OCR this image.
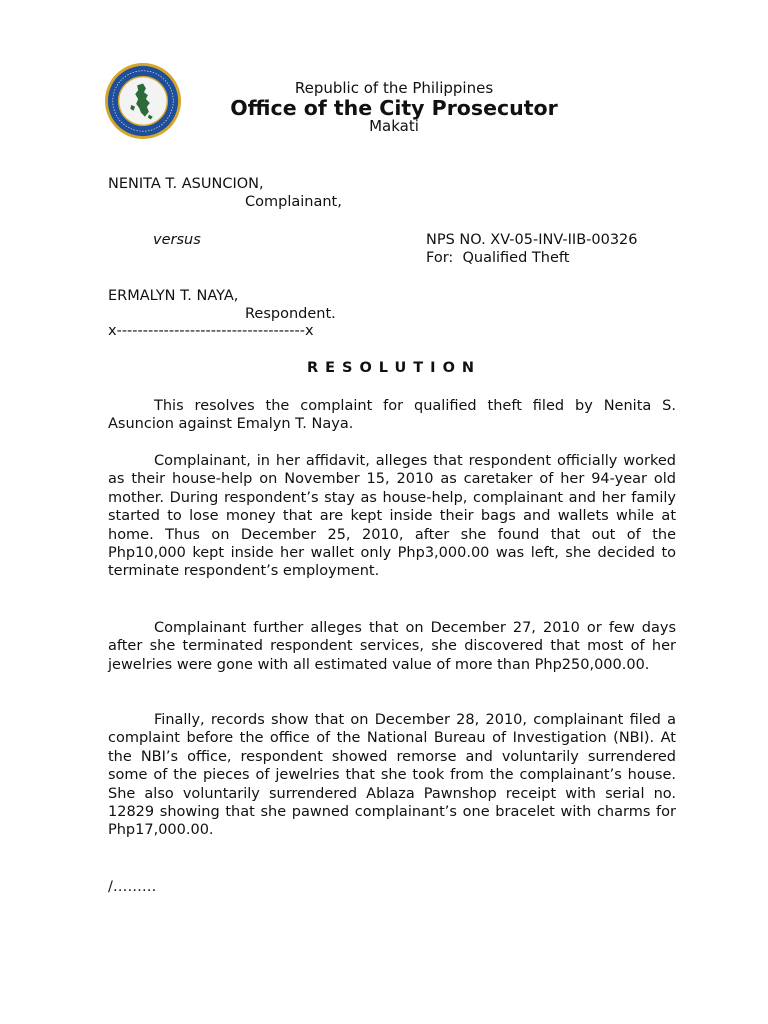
Republic of the Philippines
Office of the City Prosecutor
Makati
NENITA T. ASUNCION,
Complainant,
versus	NPS NO. XV-05-INV-IIB-00326
For:  Qualified Theft
ERMALYN T. NAYA,
Respondent.
x------------------------------------x
RESOLUTION

This resolves the complaint for qualified theft filed by Nenita S. Asuncion against Emalyn T. Naya.

Complainant, in her affidavit, alleges that respondent officially worked as their house-help on November 15, 2010 as caretaker of her 94-year old mother. During respondent’s stay as house-help, complainant and her family started to lose money that are kept inside their bags and wallets while at home. Thus on December 25, 2010, after she found that out of the Php10,000 kept inside her wallet only Php3,000.00 was left, she decided to terminate respondent’s employment.

Complainant further alleges that on December 27, 2010 or few days after she terminated respondent services, she discovered that most of her jewelries were gone with all estimated value of more than Php250,000.00.

Finally, records show that on December 28, 2010, complainant filed a complaint before the office of the National Bureau of Investigation (NBI). At the NBI’s office, respondent showed remorse and voluntarily surrendered some of the pieces of jewelries that she took from the complainant’s house. She also voluntarily surrendered Ablaza Pawnshop receipt with serial no. 12829 showing that she pawned complainant’s one bracelet with charms for Php17,000.00.

/………
